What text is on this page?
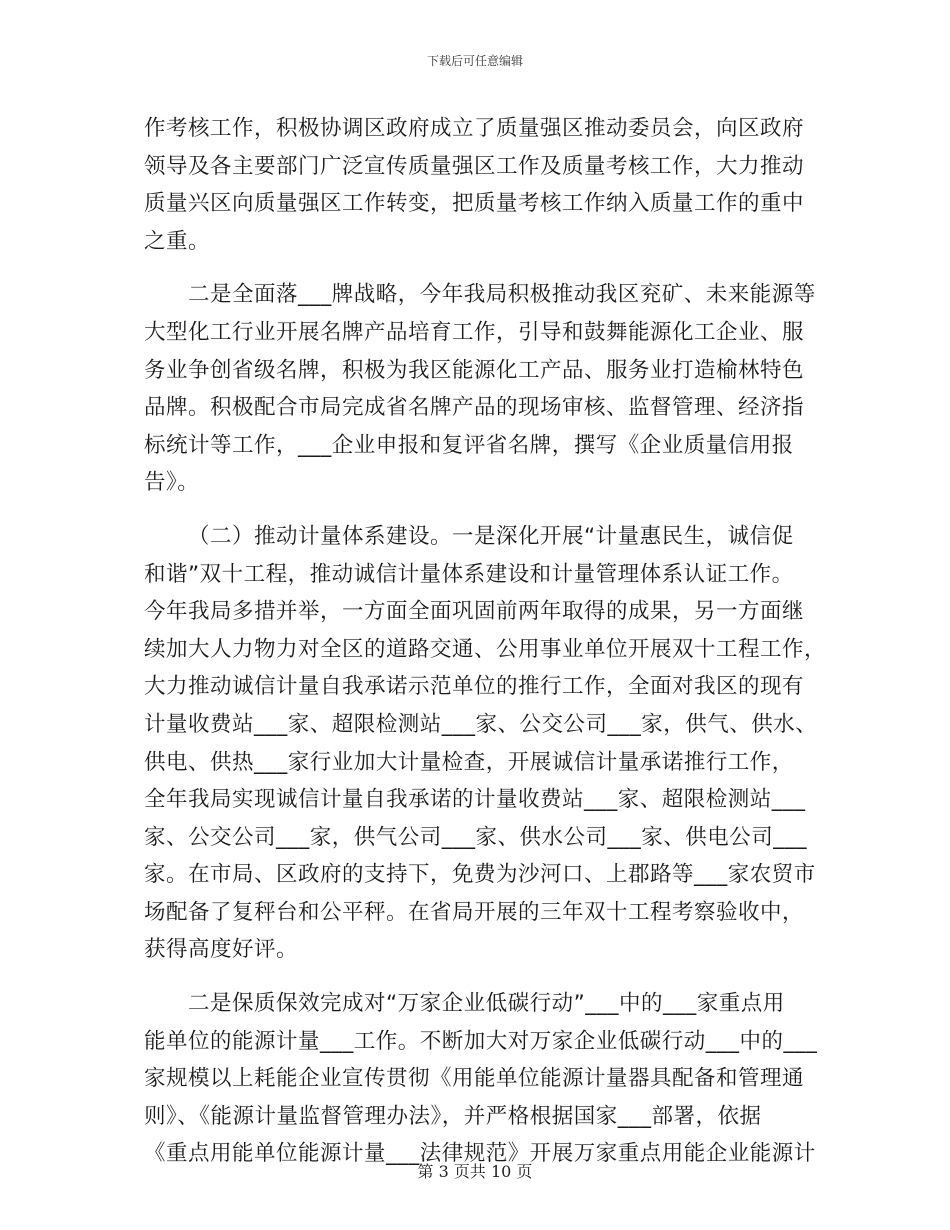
下载后可任意编辑
作考核工作，积极协调区政府成立了质量强区推动委员会，向区政府
领导及各主要部门广泛宣传质量强区工作及质量考核工作，大力推动
质量兴区向质量强区工作转变，把质量考核工作纳入质量工作的重中
之重。
二是全面落___牌战略，今年我局积极推动我区兖矿、未来能源等
大型化工行业开展名牌产品培育工作，引导和鼓舞能源化工企业、服
务业争创省级名牌，积极为我区能源化工产品、服务业打造榆林特色
品牌。积极配合市局完成省名牌产品的现场审核、监督管理、经济指
标统计等工作，___企业申报和复评省名牌，撰写《企业质量信用报
告》。
（二）推动计量体系建设。一是深化开展“计量惠民生，诚信促
和谐”双十工程，推动诚信计量体系建设和计量管理体系认证工作。
今年我局多措并举，一方面全面巩固前两年取得的成果，另一方面继
续加大人力物力对全区的道路交通、公用事业单位开展双十工程工作，
大力推动诚信计量自我承诺示范单位的推行工作，全面对我区的现有
计量收费站___家、超限检测站___家、公交公司___家，供气、供水、
供电、供热___家行业加大计量检查，开展诚信计量承诺推行工作，
全年我局实现诚信计量自我承诺的计量收费站___家、超限检测站___
家、公交公司___家，供气公司___家、供水公司___家、供电公司___
家。在市局、区政府的支持下，免费为沙河口、上郡路等___家农贸市
场配备了复秤台和公平秤。在省局开展的三年双十工程考察验收中，
获得高度好评。
二是保质保效完成对“万家企业低碳行动”___中的___家重点用
能单位的能源计量___工作。不断加大对万家企业低碳行动___中的___
家规模以上耗能企业宣传贯彻《用能单位能源计量器具配备和管理通
则》、《能源计量监督管理办法》，并严格根据国家___部署，依据
《重点用能单位能源计量___法律规范》开展万家重点用能企业能源计
第 3 页共 10 页
